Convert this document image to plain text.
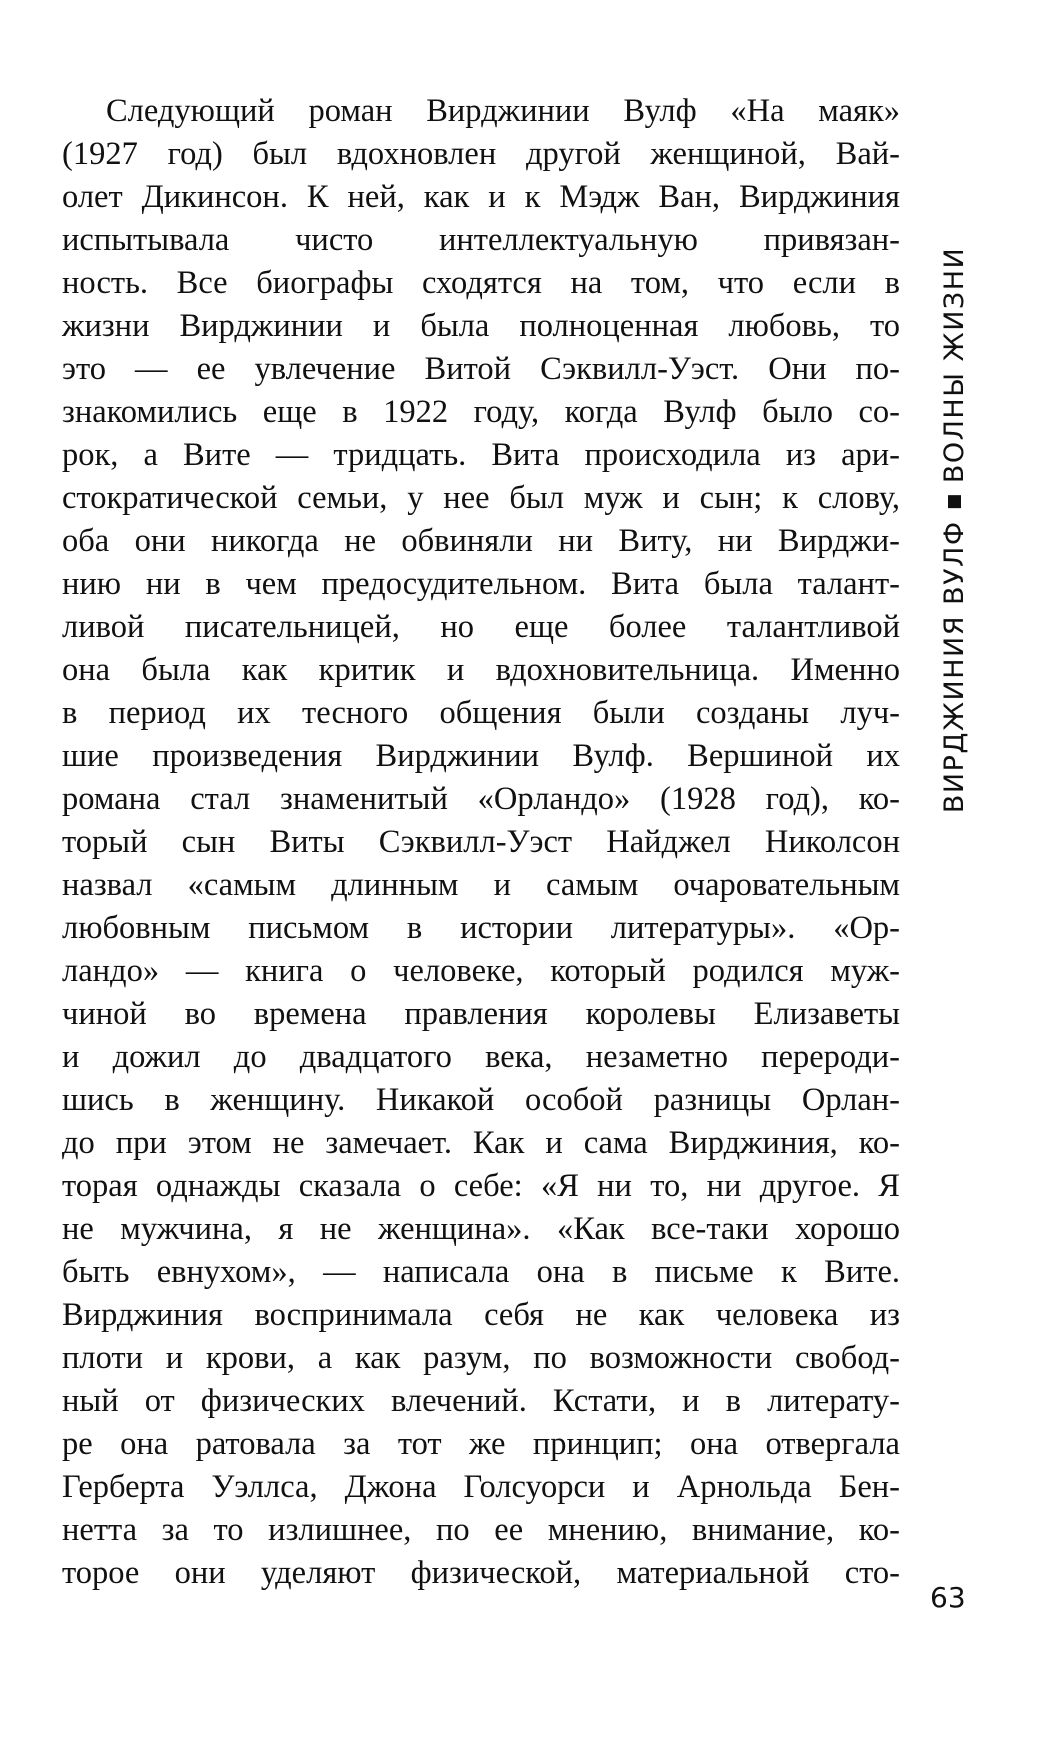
Следующий роман Вирджинии Вулф «На маяк»
(1927 год) был вдохновлен другой женщиной, Вай-
олет Дикинсон. К ней, как и к Мэдж Ван, Вирджиния
испытывала чисто интеллектуальную привязан-
ность. Все биографы сходятся на том, что если в
жизни Вирджинии и была полноценная любовь, то
это — ее увлечение Витой Сэквилл-Уэст. Они по-
знакомились еще в 1922 году, когда Вулф было со-
рок, а Вите — тридцать. Вита происходила из ари-
стократической семьи, у нее был муж и сын; к слову,
оба они никогда не обвиняли ни Виту, ни Вирджи-
нию ни в чем предосудительном. Вита была талант-
ливой писательницей, но еще более талантливой
она была как критик и вдохновительница. Именно
в период их тесного общения были созданы луч-
шие произведения Вирджинии Вулф. Вершиной их
романа стал знаменитый «Орландо» (1928 год), ко-
торый сын Виты Сэквилл-Уэст Найджел Николсон
назвал «самым длинным и самым очаровательным
любовным письмом в истории литературы». «Ор-
ландо» — книга о человеке, который родился муж-
чиной во времена правления королевы Елизаветы
и дожил до двадцатого века, незаметно перероди-
шись в женщину. Никакой особой разницы Орлан-
до при этом не замечает. Как и сама Вирджиния, ко-
торая однажды сказала о себе: «Я ни то, ни другое. Я
не мужчина, я не женщина». «Как все-таки хорошо
быть евнухом», — написала она в письме к Вите.
Вирджиния воспринимала себя не как человека из
плоти и крови, а как разум, по возможности свобод-
ный от физических влечений. Кстати, и в литерату-
ре она ратовала за тот же принцип; она отвергала
Герберта Уэллса, Джона Голсуорси и Арнольда Бен-
нетта за то излишнее, по ее мнению, внимание, ко-
торое они уделяют физической, материальной сто-
ВИРДЖИНИЯ ВУЛФ
ВОЛНЫ ЖИЗНИ
63
